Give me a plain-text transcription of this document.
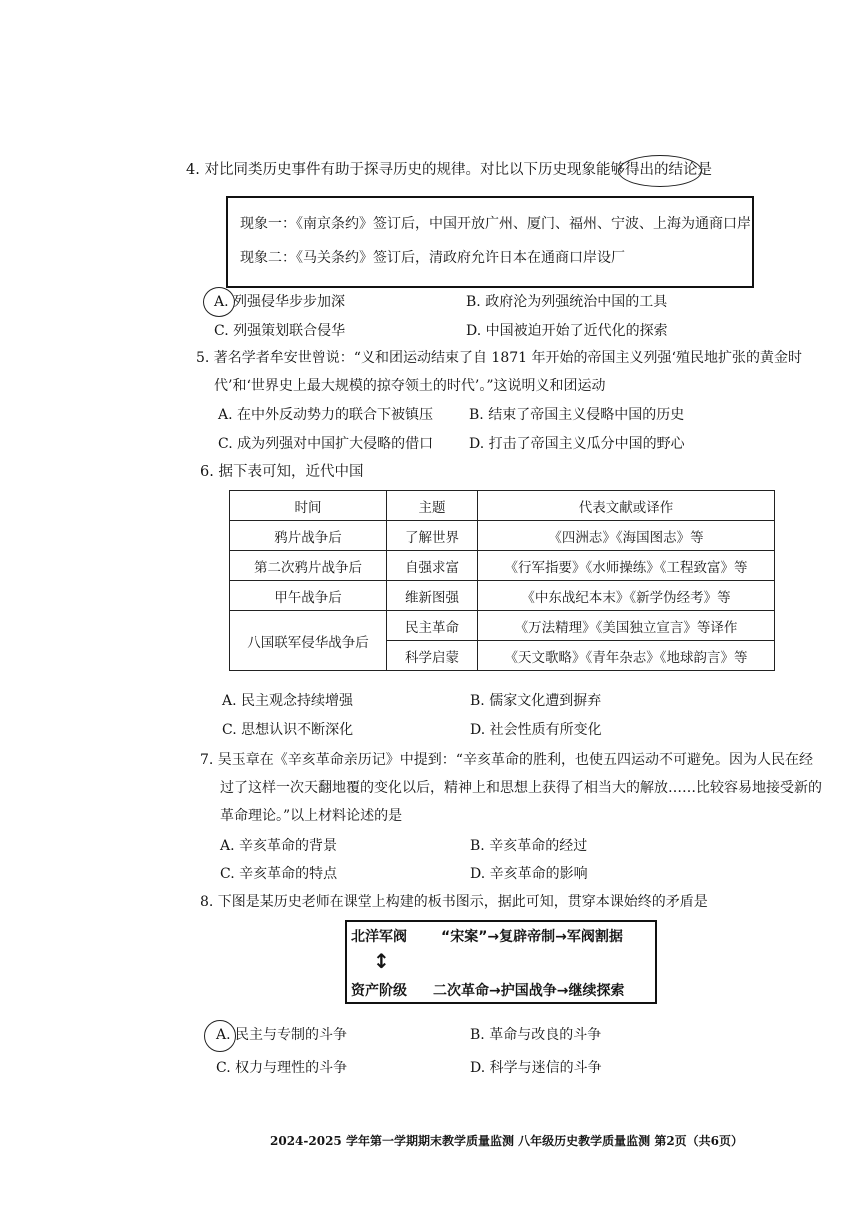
4. 对比同类历史事件有助于探寻历史的规律。对比以下历史现象能够得出的结论是
现象一：《南京条约》签订后，中国开放广州、厦门、福州、宁波、上海为通商口岸
现象二：《马关条约》签订后，清政府允许日本在通商口岸设厂
A. 列强侵华步步加深	B. 政府沦为列强统治中国的工具
C. 列强策划联合侵华	D. 中国被迫开始了近代化的探索
5. 著名学者牟安世曾说：“义和团运动结束了自 1871 年开始的帝国主义列强‘殖民地扩张的黄金时
代’和‘世界史上最大规模的掠夺领土的时代’。”这说明义和团运动
A. 在中外反动势力的联合下被镇压	B. 结束了帝国主义侵略中国的历史
C. 成为列强对中国扩大侵略的借口	D. 打击了帝国主义瓜分中国的野心
6. 据下表可知，近代中国
时间	主题	代表文献或译作
鸦片战争后	了解世界	《四洲志》《海国图志》等
第二次鸦片战争后	自强求富	《行军指要》《水师操练》《工程致富》等
甲午战争后	维新图强	《中东战纪本末》《新学伪经考》等
八国联军侵华战争后	民主革命	《万法精理》《美国独立宣言》等译作
	科学启蒙	《天文歌略》《青年杂志》《地球韵言》等
A. 民主观念持续增强	B. 儒家文化遭到摒弃
C. 思想认识不断深化	D. 社会性质有所变化
7. 吴玉章在《辛亥革命亲历记》中提到：“辛亥革命的胜利，也使五四运动不可避免。因为人民在经
过了这样一次天翻地覆的变化以后，精神上和思想上获得了相当大的解放……比较容易地接受新的
革命理论。”以上材料论述的是
A. 辛亥革命的背景	B. 辛亥革命的经过
C. 辛亥革命的特点	D. 辛亥革命的影响
8. 下图是某历史老师在课堂上构建的板书图示，据此可知，贯穿本课始终的矛盾是
北洋军阀 “宋案”→复辟帝制→军阀割据
↕
资产阶级 二次革命→护国战争→继续探索
A. 民主与专制的斗争	B. 革命与改良的斗争
C. 权力与理性的斗争	D. 科学与迷信的斗争
2024-2025 学年第一学期期末教学质量监测 八年级历史教学质量监测 第2页（共6页）
